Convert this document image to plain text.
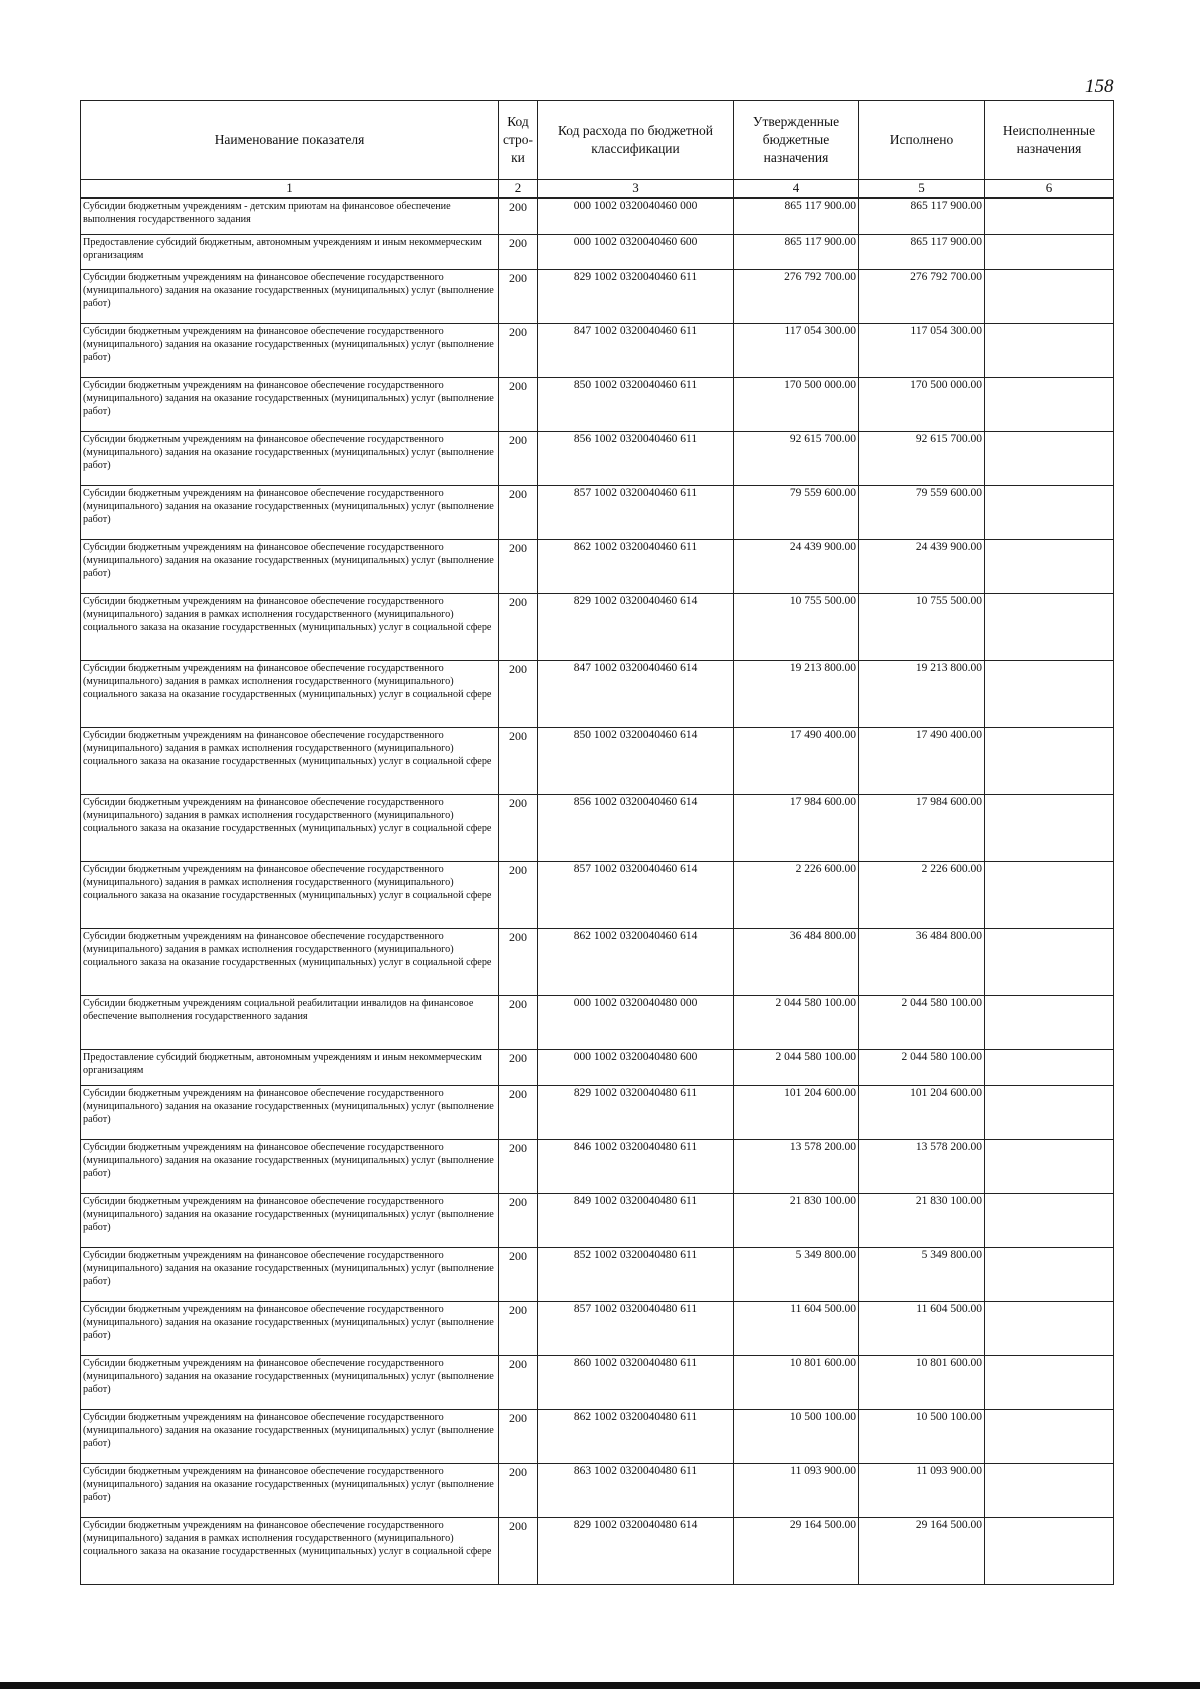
158
Наименование показателя	Код стро-ки	Код расхода по бюджетной классификации	Утвержденные бюджетные назначения	Исполнено	Неисполненные назначения
1	2	3	4	5	6
Субсидии бюджетным учреждениям - детским приютам на финансовое обеспечение выполнения государственного задания	200	000 1002 0320040460 000	865 117 900.00	865 117 900.00	
Предоставление субсидий бюджетным, автономным учреждениям и иным некоммерческим организациям	200	000 1002 0320040460 600	865 117 900.00	865 117 900.00	
Субсидии бюджетным учреждениям на финансовое обеспечение государственного (муниципального) задания на оказание государственных (муниципальных) услуг (выполнение работ)	200	829 1002 0320040460 611	276 792 700.00	276 792 700.00	
Субсидии бюджетным учреждениям на финансовое обеспечение государственного (муниципального) задания на оказание государственных (муниципальных) услуг (выполнение работ)	200	847 1002 0320040460 611	117 054 300.00	117 054 300.00	
Субсидии бюджетным учреждениям на финансовое обеспечение государственного (муниципального) задания на оказание государственных (муниципальных) услуг (выполнение работ)	200	850 1002 0320040460 611	170 500 000.00	170 500 000.00	
Субсидии бюджетным учреждениям на финансовое обеспечение государственного (муниципального) задания на оказание государственных (муниципальных) услуг (выполнение работ)	200	856 1002 0320040460 611	92 615 700.00	92 615 700.00	
Субсидии бюджетным учреждениям на финансовое обеспечение государственного (муниципального) задания на оказание государственных (муниципальных) услуг (выполнение работ)	200	857 1002 0320040460 611	79 559 600.00	79 559 600.00	
Субсидии бюджетным учреждениям на финансовое обеспечение государственного (муниципального) задания на оказание государственных (муниципальных) услуг (выполнение работ)	200	862 1002 0320040460 611	24 439 900.00	24 439 900.00	
Субсидии бюджетным учреждениям на финансовое обеспечение государственного (муниципального) задания в рамках исполнения государственного (муниципального) социального заказа на оказание государственных (муниципальных) услуг в социальной сфере	200	829 1002 0320040460 614	10 755 500.00	10 755 500.00	
Субсидии бюджетным учреждениям на финансовое обеспечение государственного (муниципального) задания в рамках исполнения государственного (муниципального) социального заказа на оказание государственных (муниципальных) услуг в социальной сфере	200	847 1002 0320040460 614	19 213 800.00	19 213 800.00	
Субсидии бюджетным учреждениям на финансовое обеспечение государственного (муниципального) задания в рамках исполнения государственного (муниципального) социального заказа на оказание государственных (муниципальных) услуг в социальной сфере	200	850 1002 0320040460 614	17 490 400.00	17 490 400.00	
Субсидии бюджетным учреждениям на финансовое обеспечение государственного (муниципального) задания в рамках исполнения государственного (муниципального) социального заказа на оказание государственных (муниципальных) услуг в социальной сфере	200	856 1002 0320040460 614	17 984 600.00	17 984 600.00	
Субсидии бюджетным учреждениям на финансовое обеспечение государственного (муниципального) задания в рамках исполнения государственного (муниципального) социального заказа на оказание государственных (муниципальных) услуг в социальной сфере	200	857 1002 0320040460 614	2 226 600.00	2 226 600.00	
Субсидии бюджетным учреждениям на финансовое обеспечение государственного (муниципального) задания в рамках исполнения государственного (муниципального) социального заказа на оказание государственных (муниципальных) услуг в социальной сфере	200	862 1002 0320040460 614	36 484 800.00	36 484 800.00	
Субсидии бюджетным учреждениям социальной реабилитации инвалидов на финансовое обеспечение выполнения государственного задания	200	000 1002 0320040480 000	2 044 580 100.00	2 044 580 100.00	
Предоставление субсидий бюджетным, автономным учреждениям и иным некоммерческим организациям	200	000 1002 0320040480 600	2 044 580 100.00	2 044 580 100.00	
Субсидии бюджетным учреждениям на финансовое обеспечение государственного (муниципального) задания на оказание государственных (муниципальных) услуг (выполнение работ)	200	829 1002 0320040480 611	101 204 600.00	101 204 600.00	
Субсидии бюджетным учреждениям на финансовое обеспечение государственного (муниципального) задания на оказание государственных (муниципальных) услуг (выполнение работ)	200	846 1002 0320040480 611	13 578 200.00	13 578 200.00	
Субсидии бюджетным учреждениям на финансовое обеспечение государственного (муниципального) задания на оказание государственных (муниципальных) услуг (выполнение работ)	200	849 1002 0320040480 611	21 830 100.00	21 830 100.00	
Субсидии бюджетным учреждениям на финансовое обеспечение государственного (муниципального) задания на оказание государственных (муниципальных) услуг (выполнение работ)	200	852 1002 0320040480 611	5 349 800.00	5 349 800.00	
Субсидии бюджетным учреждениям на финансовое обеспечение государственного (муниципального) задания на оказание государственных (муниципальных) услуг (выполнение работ)	200	857 1002 0320040480 611	11 604 500.00	11 604 500.00	
Субсидии бюджетным учреждениям на финансовое обеспечение государственного (муниципального) задания на оказание государственных (муниципальных) услуг (выполнение работ)	200	860 1002 0320040480 611	10 801 600.00	10 801 600.00	
Субсидии бюджетным учреждениям на финансовое обеспечение государственного (муниципального) задания на оказание государственных (муниципальных) услуг (выполнение работ)	200	862 1002 0320040480 611	10 500 100.00	10 500 100.00	
Субсидии бюджетным учреждениям на финансовое обеспечение государственного (муниципального) задания на оказание государственных (муниципальных) услуг (выполнение работ)	200	863 1002 0320040480 611	11 093 900.00	11 093 900.00	
Субсидии бюджетным учреждениям на финансовое обеспечение государственного (муниципального) задания в рамках исполнения государственного (муниципального) социального заказа на оказание государственных (муниципальных) услуг в социальной сфере	200	829 1002 0320040480 614	29 164 500.00	29 164 500.00	
